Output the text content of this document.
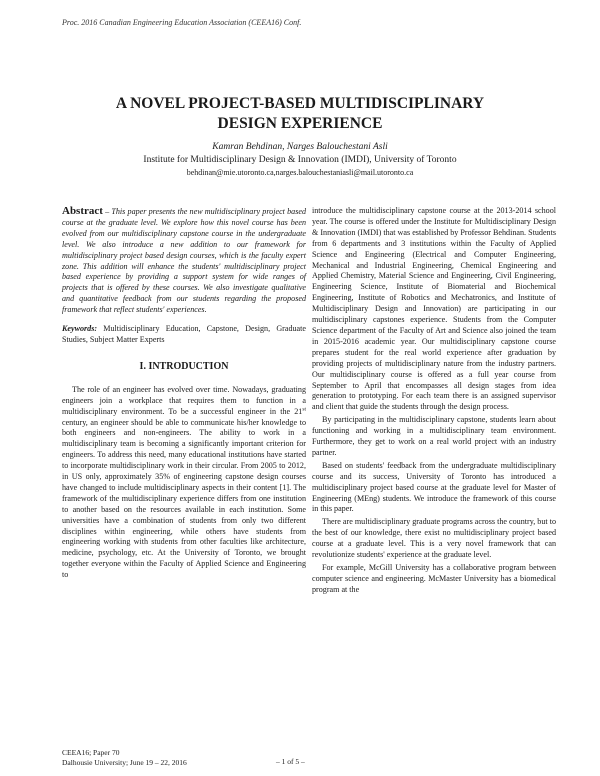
Proc. 2016 Canadian Engineering Education Association (CEEA16) Conf.
A NOVEL PROJECT-BASED MULTIDISCIPLINARY
DESIGN EXPERIENCE
Kamran Behdinan, Narges Balouchestani Asli
Institute for Multidisciplinary Design & Innovation (IMDI), University of Toronto
behdinan@mie.utoronto.ca,narges.balouchestaniasli@mail.utoronto.ca

Abstract – This paper presents the new multidisciplinary project based course at the graduate level. We explore how this novel course has been evolved from our multidisciplinary capstone course in the undergraduate level. We also introduce a new addition to our framework for multidisciplinary project based design courses, which is the faculty expert zone. This addition will enhance the students' multidisciplinary project based experience by providing a support system for wide ranges of projects that is offered by these courses. We also investigate qualitative and quantitative feedback from our students regarding the proposed framework that reflect students' experiences.

Keywords: Multidisciplinary Education, Capstone, Design, Graduate Studies, Subject Matter Experts

I. INTRODUCTION

The role of an engineer has evolved over time. Nowadays, graduating engineers join a workplace that requires them to function in a multidisciplinary environment. To be a successful engineer in the 21st century, an engineer should be able to communicate his/her knowledge to both engineers and non-engineers. The ability to work in a multidisciplinary team is becoming a significantly important criterion for engineers. To address this need, many educational institutions have started to incorporate multidisciplinary work in their circular. From 2005 to 2012, in US only, approximately 35% of engineering capstone design courses have changed to include multidisciplinary aspects in their content [1]. The framework of the multidisciplinary experience differs from one institution to another based on the resources available in each institution. Some universities have a combination of students from only two different disciplines within engineering, while others have students from engineering working with students from other faculties like architecture, medicine, psychology, etc. At the University of Toronto, we brought together everyone within the Faculty of Applied Science and Engineering to

introduce the multidisciplinary capstone course at the 2013-2014 school year. The course is offered under the Institute for Multidisciplinary Design & Innovation (IMDI) that was established by Professor Behdinan. Students from 6 departments and 3 institutions within the Faculty of Applied Science and Engineering (Electrical and Computer Engineering, Mechanical and Industrial Engineering, Chemical Engineering and Applied Chemistry, Material Science and Engineering, Civil Engineering, Engineering Science, Institute of Biomaterial and Biochemical Engineering, Institute of Robotics and Mechatronics, and Institute of Multidisciplinary Design and Innovation) are participating in our multidisciplinary capstones experience. Students from the Computer Science department of the Faculty of Art and Science also joined the team in 2015-2016 academic year. Our multidisciplinary capstone course prepares student for the real world experience after graduation by providing projects of multidisciplinary nature from the industry partners. Our multidisciplinary course is offered as a full year course from September to April that encompasses all design stages from idea generation to prototyping. For each team there is an assigned supervisor and client that guide the students through the design process.

By participating in the multidisciplinary capstone, students learn about functioning and working in a multidisciplinary team environment. Furthermore, they get to work on a real world project with an industry partner.

Based on students' feedback from the undergraduate multidisciplinary course and its success, University of Toronto has introduced a multidisciplinary project based course at the graduate level for Master of Engineering (MEng) students. We introduce the framework of this course in this paper.

There are multidisciplinary graduate programs across the country, but to the best of our knowledge, there exist no multidisciplinary project based course at a graduate level. This is a very novel framework that can revolutionize students' experience at the graduate level.

For example, McGill University has a collaborative program between computer science and engineering. McMaster University has a biomedical program at the

CEEA16; Paper 70
Dalhousie University; June 19 – 22, 2016	– 1 of 5 –
